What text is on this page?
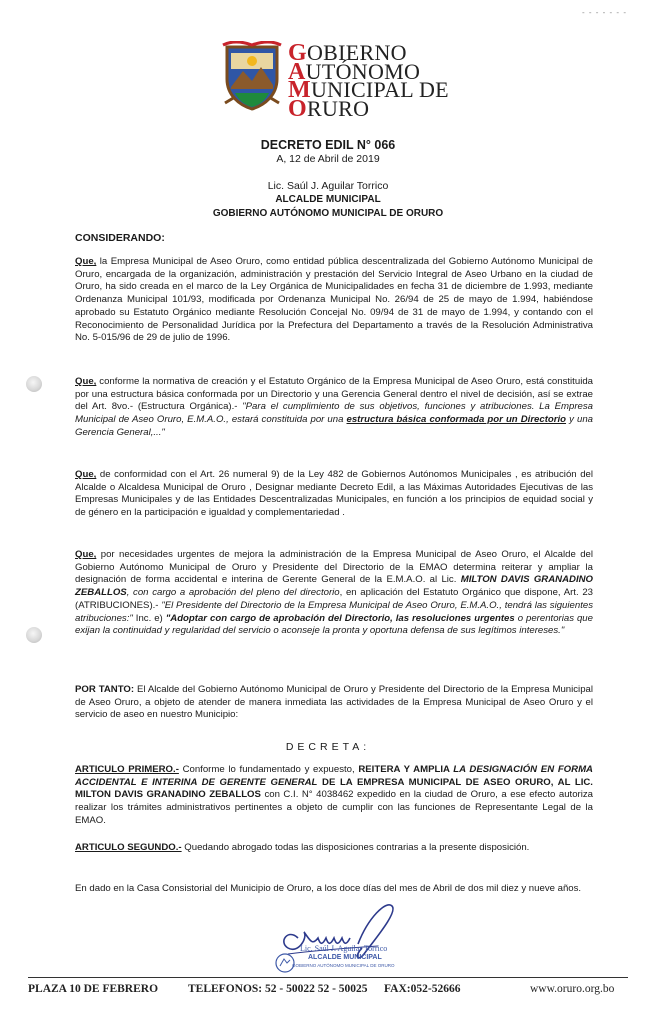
- - - - - - -
GOBIERNO
AUTÓNOMO
MUNICIPAL DE
ORURO
DECRETO EDIL N° 066
A, 12 de Abril de 2019
Lic. Saúl J. Aguilar Torrico
ALCALDE MUNICIPAL
GOBIERNO AUTÓNOMO MUNICIPAL DE ORURO
CONSIDERANDO:
Que, la Empresa Municipal de Aseo Oruro, como entidad pública descentralizada del Gobierno Autónomo Municipal de Oruro, encargada de la organización, administración y prestación del Servicio Integral de Aseo Urbano en la ciudad de Oruro, ha sido creada en el marco de la Ley Orgánica de Municipalidades en fecha 31 de diciembre de 1.993, mediante Ordenanza Municipal 101/93, modificada por Ordenanza Municipal No. 26/94 de 25 de mayo de 1.994, habiéndose aprobado su Estatuto Orgánico mediante Resolución Concejal No. 09/94 de 31 de mayo de 1.994, y contando con el Reconocimiento de Personalidad Jurídica por la Prefectura del Departamento a través de la Resolución Administrativa No. 5-015/96 de 29 de julio de 1996.
Que, conforme la normativa de creación y el Estatuto Orgánico de la Empresa Municipal de Aseo Oruro, está constituida por una estructura básica conformada por un Directorio y una Gerencia General dentro el nivel de decisión, así se extrae del Art. 8vo.- (Estructura Orgánica).- "Para el cumplimiento de sus objetivos, funciones y atribuciones. La Empresa Municipal de Aseo Oruro, E.M.A.O., estará constituida por una estructura básica conformada por un Directorio y una Gerencia General,..."
Que, de conformidad con el Art. 26 numeral 9) de la Ley 482 de Gobiernos Autónomos Municipales , es atribución del Alcalde o Alcaldesa Municipal de Oruro , Designar mediante Decreto Edil, a las Máximas Autoridades Ejecutivas de las Empresas Municipales y de las Entidades Descentralizadas Municipales, en función a los principios de equidad social y de género en la participación e igualdad y complementariedad .
Que, por necesidades urgentes de mejora la administración de la Empresa Municipal de Aseo Oruro, el Alcalde del Gobierno Autónomo Municipal de Oruro y Presidente del Directorio de la EMAO determina reiterar y ampliar la designación de forma accidental e interina de Gerente General de la E.M.A.O. al Lic. MILTON DAVIS GRANADINO ZEBALLOS, con cargo a aprobación del pleno del directorio, en aplicación del Estatuto Orgánico que dispone, Art. 23 (ATRIBUCIONES).- "El Presidente del Directorio de la Empresa Municipal de Aseo Oruro, E.M.A.O., tendrá las siguientes atribuciones:" Inc. e) "Adoptar con cargo de aprobación del Directorio, las resoluciones urgentes o perentorias que exijan la continuidad y regularidad del servicio o aconseje la pronta y oportuna defensa de sus legítimos intereses."
POR TANTO: El Alcalde del Gobierno Autónomo Municipal de Oruro y Presidente del Directorio de la Empresa Municipal de Aseo Oruro, a objeto de atender de manera inmediata las actividades de la Empresa Municipal de Aseo Oruro y el servicio de aseo en nuestro Municipio:
DECRETA:
ARTICULO PRIMERO.- Conforme lo fundamentado y expuesto, REITERA Y AMPLIA LA DESIGNACIÓN EN FORMA ACCIDENTAL E INTERINA DE GERENTE GENERAL DE LA EMPRESA MUNICIPAL DE ASEO ORURO, AL LIC. MILTON DAVIS GRANADINO ZEBALLOS con C.I. N° 4038462 expedido en la ciudad de Oruro, a ese efecto autoriza realizar los trámites administrativos pertinentes a objeto de cumplir con las funciones de Representante Legal de la EMAO.
ARTICULO SEGUNDO.- Quedando abrogado todas las disposiciones contrarias a la presente disposición.
En dado en la Casa Consistorial del Municipio de Oruro, a los doce días del mes de Abril de dos mil diez y nueve años.
Lic. Saúl J. Aguilar Torrico
ALCALDE MUNICIPAL
GOBIERNO AUTÓNOMO MUNICIPAL DE ORURO
PLAZA 10 DE FEBRERO	TELEFONOS: 52 - 50022 52 - 50025 FAX:052-52666	www.oruro.org.bo
